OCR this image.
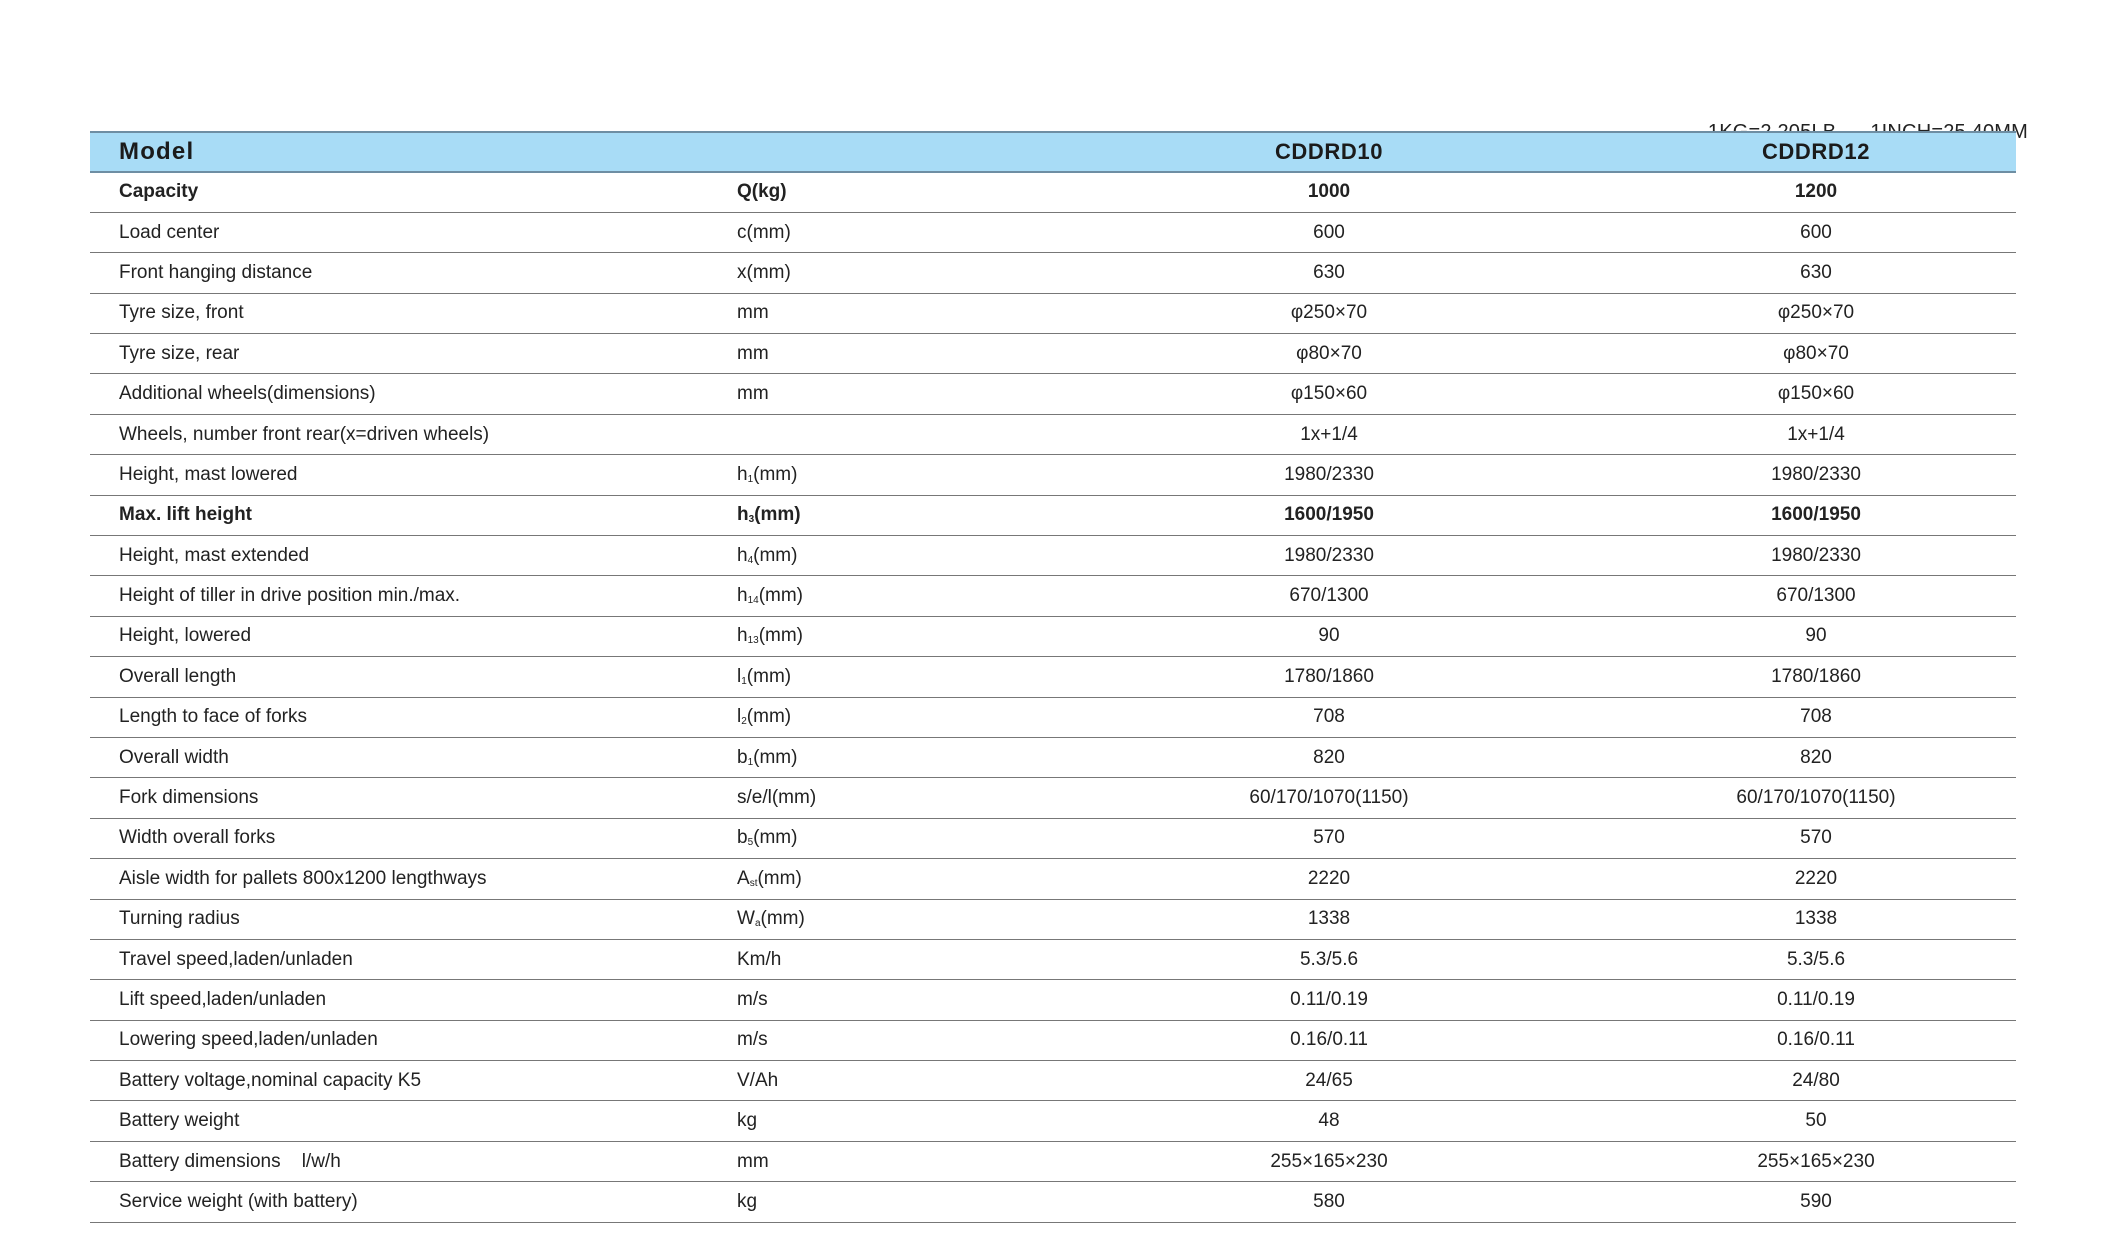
1KG=2.205LB 1INCH=25.40MM

Model		CDDRD10	CDDRD12
Capacity	Q(kg)	1000	1200
Load center	c(mm)	600	600
Front hanging distance	x(mm)	630	630
Tyre size, front	mm	φ250×70	φ250×70
Tyre size, rear	mm	φ80×70	φ80×70
Additional wheels(dimensions)	mm	φ150×60	φ150×60
Wheels, number front rear(x=driven wheels)		1x+1/4	1x+1/4
Height, mast lowered	$h_1(mm)$	1980/2330	1980/2330
Max. lift height	$h_3(mm)$	1600/1950	1600/1950
Height, mast extended	$h_4(mm)$	1980/2330	1980/2330
Height of tiller in drive position min./max.	$h_{14}(mm)$	670/1300	670/1300
Height, lowered	$h_{13}(mm)$	90	90
Overall length	$l_1(mm)$	1780/1860	1780/1860
Length to face of forks	$l_2(mm)$	708	708
Overall width	$b_1(mm)$	820	820
Fork dimensions	s/e/l(mm)	60/170/1070(1150)	60/170/1070(1150)
Width overall forks	$b_5(mm)$	570	570
Aisle width for pallets 800x1200 lengthways	$A_{st}(mm)$	2220	2220
Turning radius	$W_a(mm)$	1338	1338
Travel speed,laden/unladen	Km/h	5.3/5.6	5.3/5.6
Lift speed,laden/unladen	m/s	0.11/0.19	0.11/0.19
Lowering speed,laden/unladen	m/s	0.16/0.11	0.16/0.11
Battery voltage,nominal capacity K5	V/Ah	24/65	24/80
Battery weight	kg	48	50
Battery dimensions    l/w/h	mm	255×165×230	255×165×230
Service weight (with battery)	kg	580	590
